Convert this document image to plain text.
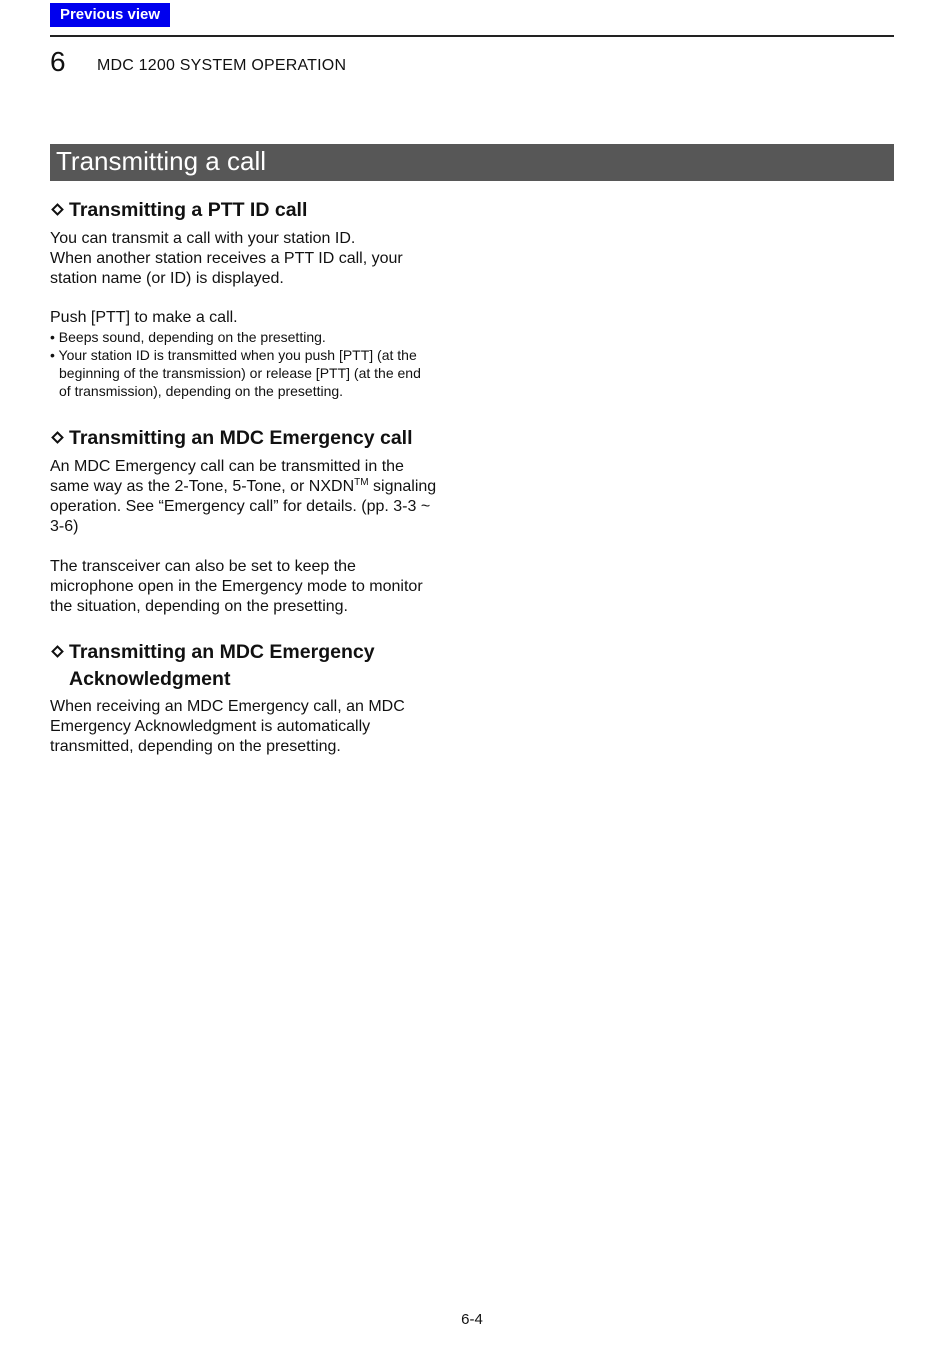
Previous view
6 MDC 1200 SYSTEM OPERATION
Transmitting a call
Transmitting a PTT ID call

You can transmit a call with your station ID.

When another station receives a PTT ID call, your

station name (or ID) is displayed.

Push [PTT] to make a call.

• Beeps sound, depending on the presetting.

• Your station ID is transmitted when you push [PTT] (at the
beginning of the transmission) or release [PTT] (at the end
of transmission), depending on the presetting.

Transmitting an MDC Emergency call

An MDC Emergency call can be transmitted in the

same way as the 2-Tone, 5-Tone, or NXDN™ signaling

operation. See “Emergency call” for details. (pp. 3-3 ~

3-6)

The transceiver can also be set to keep the

microphone open in the Emergency mode to monitor

the situation, depending on the presetting.

Transmitting an MDC Emergency
Acknowledgment

When receiving an MDC Emergency call, an MDC

Emergency Acknowledgment is automatically

transmitted, depending on the presetting.

6-4
